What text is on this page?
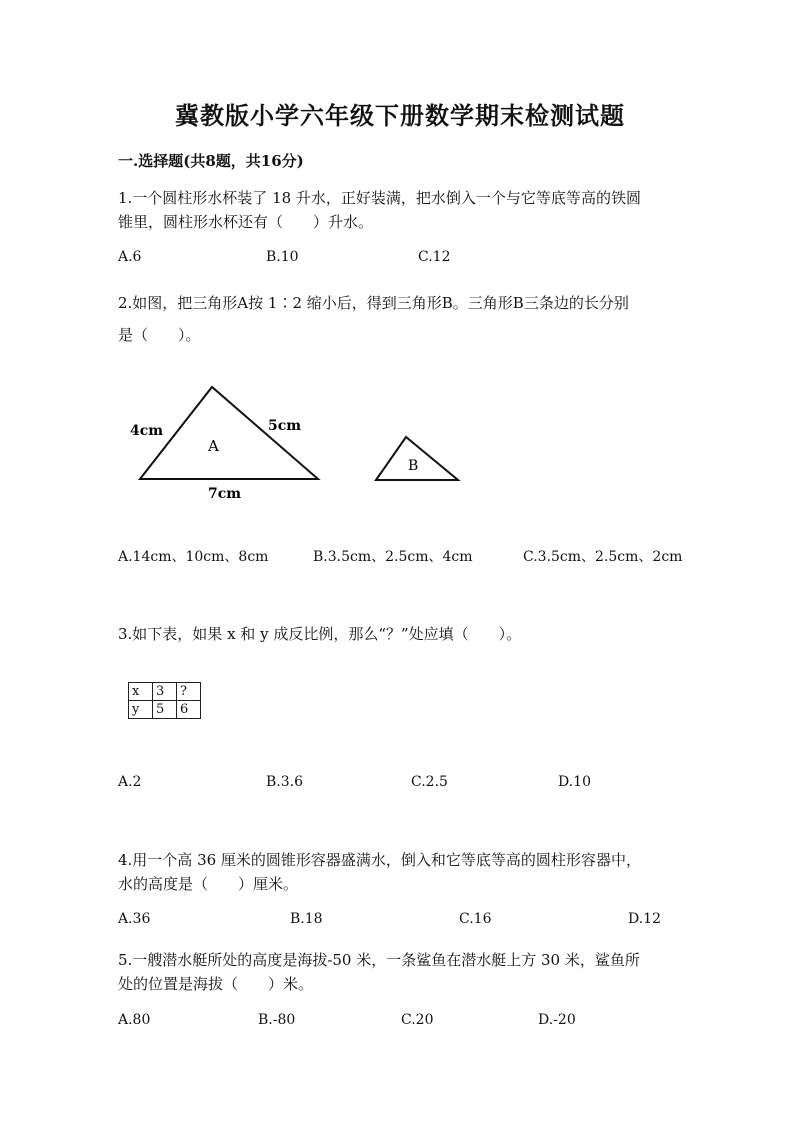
冀教版小学六年级下册数学期末检测试题
一.选择题(共8题，共16分)
1.一个圆柱形水杯装了 18 升水，正好装满，把水倒入一个与它等底等高的铁圆
锥里，圆柱形水杯还有（　　）升水。
A.6	B.10	C.12
2.如图，把三角形A按 1∶2 缩小后，得到三角形B。三角形B三条边的长分别
是（　　）。
A
4cm	5cm
7cm
B
A.14cm、10cm、8cm	B.3.5cm、2.5cm、4cm	C.3.5cm、2.5cm、2cm
3.如下表，如果 x 和 y 成反比例，那么“？”处应填（　　）。
x	3	?
y	5	6
A.2	B.3.6	C.2.5	D.10
4.用一个高 36 厘米的圆锥形容器盛满水，倒入和它等底等高的圆柱形容器中，
水的高度是（　　）厘米。
A.36	B.18	C.16	D.12
5.一艘潜水艇所处的高度是海拔-50 米，一条鲨鱼在潜水艇上方 30 米，鲨鱼所
处的位置是海拔（　　）米。
A.80	B.-80	C.20	D.-20
